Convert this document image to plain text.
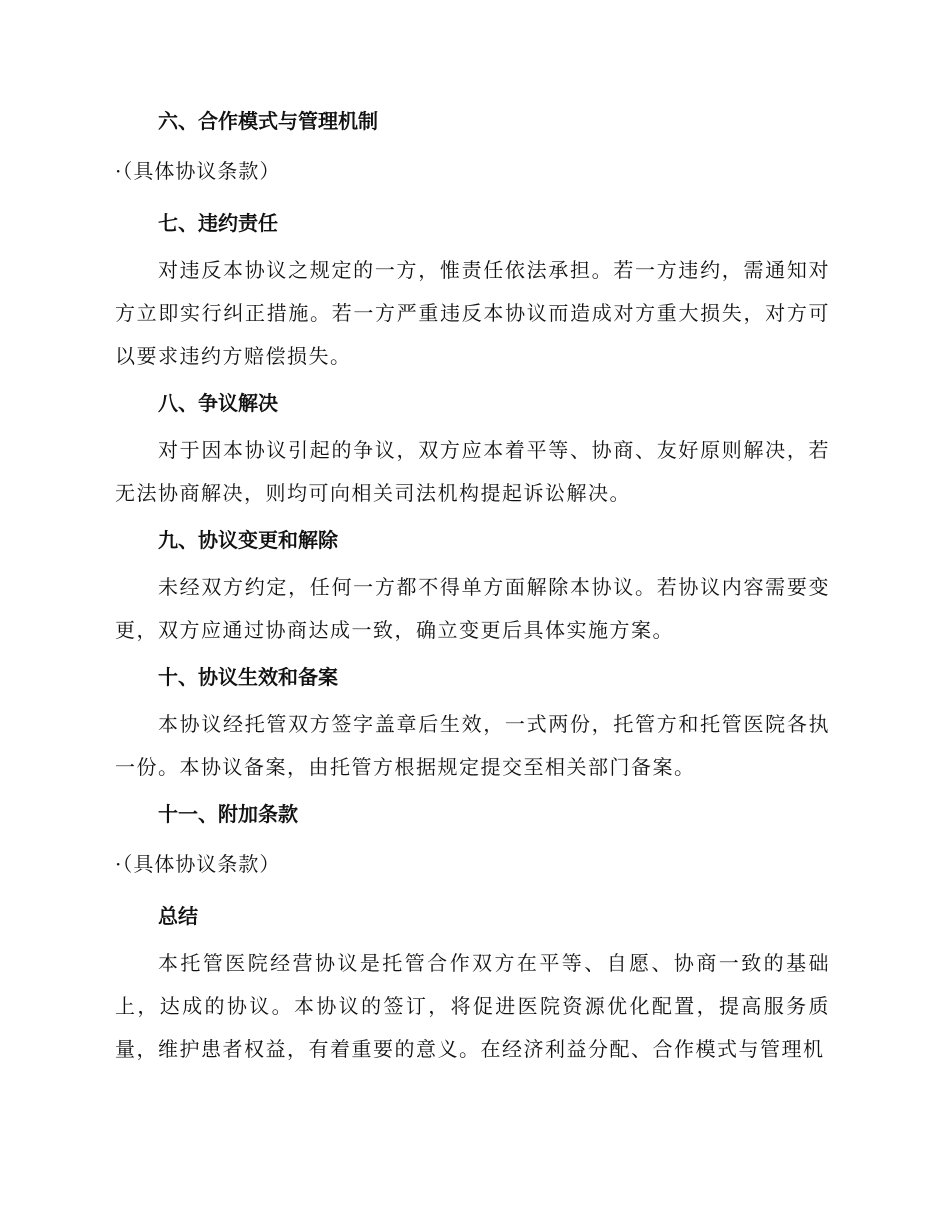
六、合作模式与管理机制

·（具体协议条款）

七、违约责任

对违反本协议之规定的一方，惟责任依法承担。若一方违约，需通知对方立即实行纠正措施。若一方严重违反本协议而造成对方重大损失，对方可以要求违约方赔偿损失。

八、争议解决

对于因本协议引起的争议，双方应本着平等、协商、友好原则解决，若无法协商解决，则均可向相关司法机构提起诉讼解决。

九、协议变更和解除

未经双方约定，任何一方都不得单方面解除本协议。若协议内容需要变更，双方应通过协商达成一致，确立变更后具体实施方案。

十、协议生效和备案

本协议经托管双方签字盖章后生效，一式两份，托管方和托管医院各执一份。本协议备案，由托管方根据规定提交至相关部门备案。

十一、附加条款

·（具体协议条款）

总结

本托管医院经营协议是托管合作双方在平等、自愿、协商一致的基础上，达成的协议。本协议的签订，将促进医院资源优化配置，提高服务质量，维护患者权益，有着重要的意义。在经济利益分配、合作模式与管理机
